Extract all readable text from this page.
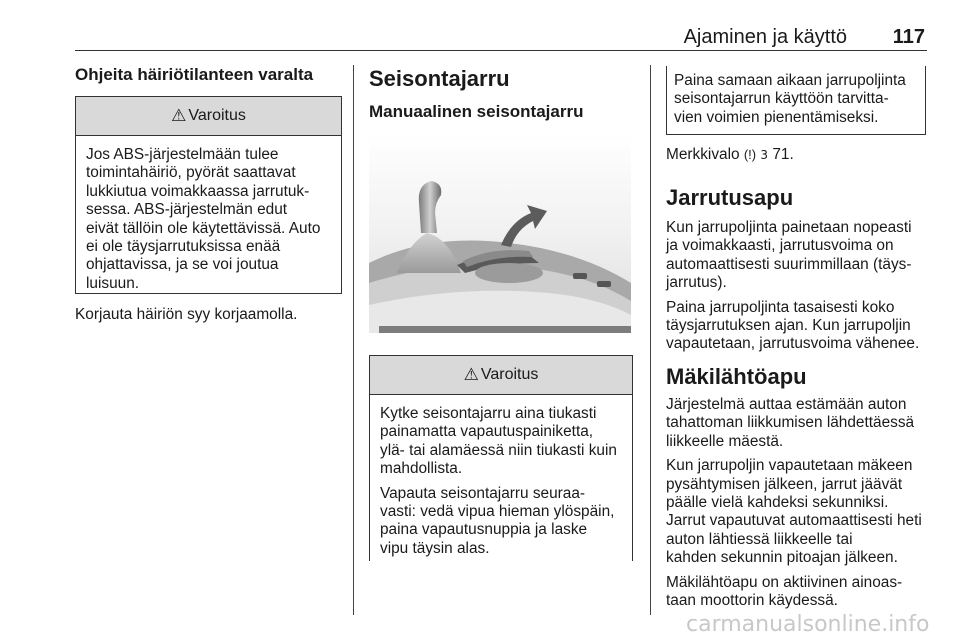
Ajaminen ja käyttö 117
Ohjeita häiriötilanteen varalta
⚠ Varoitus

Jos ABS-järjestelmään tulee

toimintahäiriö, pyörät saattavat

lukkiutua voimakkaassa jarrutuk-

sessa. ABS-järjestelmän edut

eivät tällöin ole käytettävissä. Auto

ei ole täysjarrutuksissa enää

ohjattavissa, ja se voi joutua

luisuun.

Korjauta häiriön syy korjaamolla.

Seisontajarru
Manuaalinen seisontajarru
⚠ Varoitus

Kytke seisontajarru aina tiukasti

painamatta vapautuspainiketta,

ylä- tai alamäessä niin tiukasti kuin

mahdollista.

Vapauta seisontajarru seuraa-

vasti: vedä vipua hieman ylöspäin,

paina vapautusnuppia ja laske

vipu täysin alas.

Paina samaan aikaan jarrupoljinta

seisontajarrun käyttöön tarvitta-

vien voimien pienentämiseksi.

Merkkivalo (!) 3 71.

Jarrutusapu

Kun jarrupoljinta painetaan nopeasti

ja voimakkaasti, jarrutusvoima on

automaattisesti suurimmillaan (täys-

jarrutus).

Paina jarrupoljinta tasaisesti koko

täysjarrutuksen ajan. Kun jarrupoljin

vapautetaan, jarrutusvoima vähenee.

Mäkilähtöapu

Järjestelmä auttaa estämään auton

tahattoman liikkumisen lähdettäessä

liikkeelle mäestä.

Kun jarrupoljin vapautetaan mäkeen

pysähtymisen jälkeen, jarrut jäävät

päälle vielä kahdeksi sekunniksi.

Jarrut vapautuvat automaattisesti heti

auton lähtiessä liikkeelle tai

kahden sekunnin pitoajan jälkeen.

Mäkilähtöapu on aktiivinen ainoas-

taan moottorin käydessä.

carmanualsonline.info
